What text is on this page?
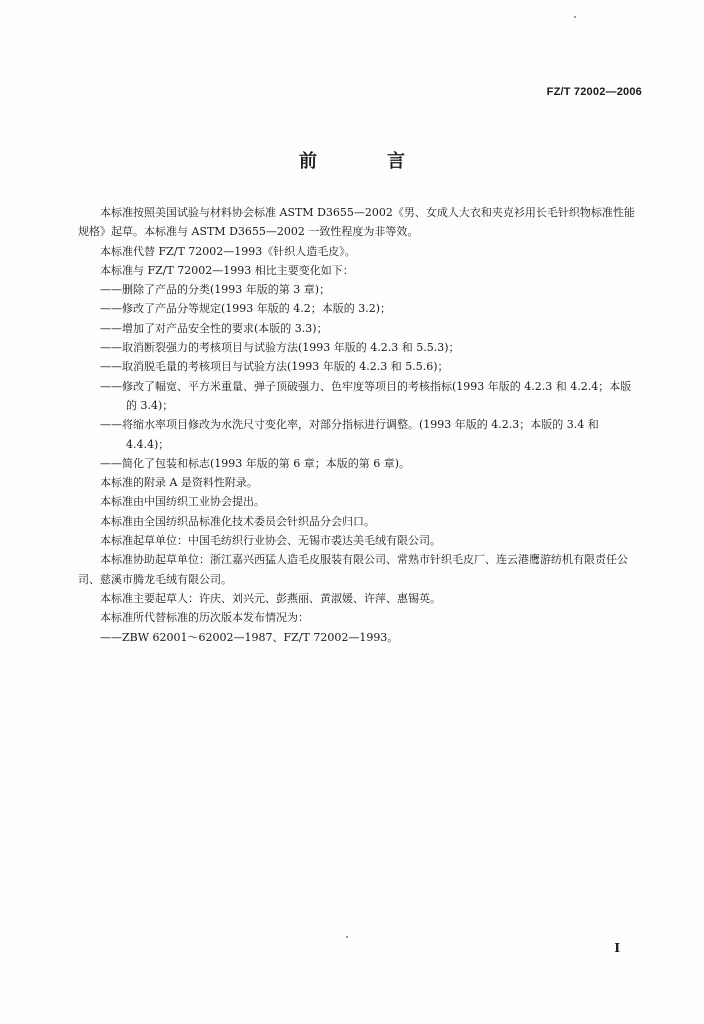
FZ/T 72002—2006
前　言

本标准按照美国试验与材料协会标准 ASTM D3655—2002《男、女成人大衣和夹克衫用长毛针织物标准性能规格》起草。本标准与 ASTM D3655—2002 一致性程度为非等效。

本标准代替 FZ/T 72002—1993《针织人造毛皮》。

本标准与 FZ/T 72002—1993 相比主要变化如下：

——删除了产品的分类(1993 年版的第 3 章)；

——修改了产品分等规定(1993 年版的 4.2；本版的 3.2)；

——增加了对产品安全性的要求(本版的 3.3)；

——取消断裂强力的考核项目与试验方法(1993 年版的 4.2.3 和 5.5.3)；

——取消脱毛量的考核项目与试验方法(1993 年版的 4.2.3 和 5.5.6)；

——修改了幅宽、平方米重量、弹子顶破强力、色牢度等项目的考核指标(1993 年版的 4.2.3 和 4.2.4；本版的 3.4)；

——将缩水率项目修改为水洗尺寸变化率，对部分指标进行调整。(1993 年版的 4.2.3；本版的 3.4 和 4.4.4)；

——简化了包装和标志(1993 年版的第 6 章；本版的第 6 章)。

本标准的附录 A 是资料性附录。

本标准由中国纺织工业协会提出。

本标准由全国纺织品标准化技术委员会针织品分会归口。

本标准起草单位：中国毛纺织行业协会、无锡市裘达美毛绒有限公司。

本标准协助起草单位：浙江嘉兴西猛人造毛皮服装有限公司、常熟市针织毛皮厂、连云港鹰游纺机有限责任公司、慈溪市腾龙毛绒有限公司。

本标准主要起草人：许庆、刘兴元、彭燕丽、黄淑媛、许萍、惠锡英。

本标准所代替标准的历次版本发布情况为：

——ZBW 62001～62002—1987、FZ/T 72002—1993。

I
